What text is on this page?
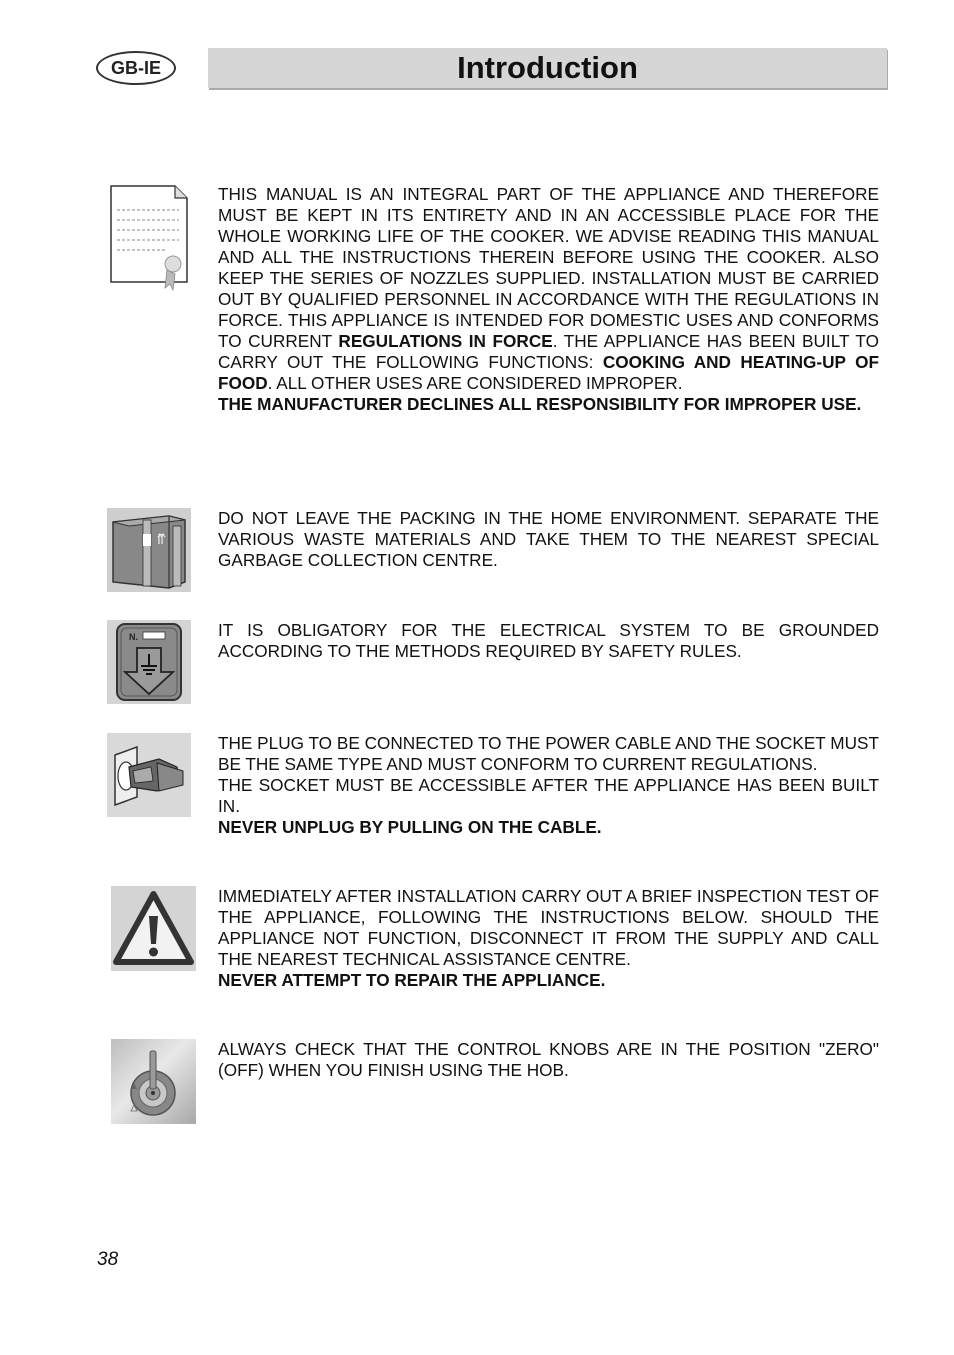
GB-IE	Introduction

THIS MANUAL IS AN INTEGRAL PART OF THE APPLIANCE AND THEREFORE MUST BE KEPT IN ITS ENTIRETY AND IN AN ACCESSIBLE PLACE FOR THE WHOLE WORKING LIFE OF THE COOKER. WE ADVISE READING THIS MANUAL AND ALL THE INSTRUCTIONS THEREIN BEFORE USING THE COOKER. ALSO KEEP THE SERIES OF NOZZLES SUPPLIED. INSTALLATION MUST BE CARRIED OUT BY QUALIFIED PERSONNEL IN ACCORDANCE WITH THE REGULATIONS IN FORCE. THIS APPLIANCE IS INTENDED FOR DOMESTIC USES AND CONFORMS TO CURRENT REGULATIONS IN FORCE. THE APPLIANCE HAS BEEN BUILT TO CARRY OUT THE FOLLOWING FUNCTIONS: COOKING AND HEATING-UP OF FOOD. ALL OTHER USES ARE CONSIDERED IMPROPER.

THE MANUFACTURER DECLINES ALL RESPONSIBILITY FOR IMPROPER USE.

DO NOT LEAVE THE PACKING IN THE HOME ENVIRONMENT. SEPARATE THE VARIOUS WASTE MATERIALS AND TAKE THEM TO THE NEAREST SPECIAL GARBAGE COLLECTION CENTRE.

N.	IT IS OBLIGATORY FOR THE ELECTRICAL SYSTEM TO BE GROUNDED ACCORDING TO THE METHODS REQUIRED BY SAFETY RULES.

THE PLUG TO BE CONNECTED TO THE POWER CABLE AND THE SOCKET MUST BE THE SAME TYPE AND MUST CONFORM TO CURRENT REGULATIONS.

THE SOCKET MUST BE ACCESSIBLE AFTER THE APPLIANCE HAS BEEN BUILT IN.

NEVER UNPLUG BY PULLING ON THE CABLE.

IMMEDIATELY AFTER INSTALLATION CARRY OUT A BRIEF INSPECTION TEST OF THE APPLIANCE, FOLLOWING THE INSTRUCTIONS BELOW. SHOULD THE APPLIANCE NOT FUNCTION, DISCONNECT IT FROM THE SUPPLY AND CALL THE NEAREST TECHNICAL ASSISTANCE CENTRE.

NEVER ATTEMPT TO REPAIR THE APPLIANCE.

ALWAYS CHECK THAT THE CONTROL KNOBS ARE IN THE POSITION "ZERO" (OFF) WHEN YOU FINISH USING THE HOB.

38
